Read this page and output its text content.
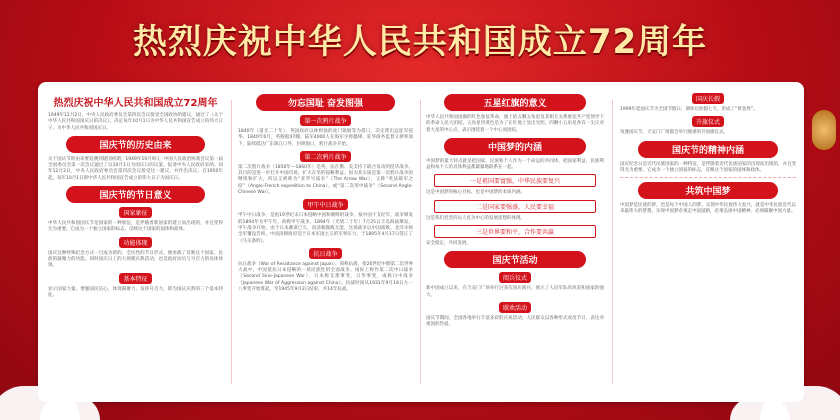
热烈庆祝中华人民共和国成立72周年
热烈庆祝中华人民共和国成立72周年

1949年12月2日，中央人民政府委员会第四次会议接受全国政协的建议，通过了《关于中华人民共和国国庆日的决议》，决定每年10月1日为中华人民共和国宣告成立的伟大日子，为中华人民共和国国庆日。

国庆节的历史由来

关于国庆节的由来要追溯到建国初期，1949年10月9日，中国人民政治协商会议第一届全国委员会第一次会议通过了以10月1日为国庆日的议案，报请中央人民政府采纳。同年12月2日，中央人民政府委员会第四次会议接受这一建议，并作出决议，自1950年起，每年10月1日即中华人民共和国宣告成立的伟大日子为国庆日。

国庆节的节日意义
国家象征

中华人民共和国国庆节是国家的一种象征，是伴随着新国家的建立而出现的，并且变得尤为重要。它成为一个独立国家的标志，反映这个国家的国体和政体。

功能体现

国庆这种特殊纪念方式一旦成为新的、全民性的节日形式，便承载了反映这个国家、民族的凝聚力的功能。同时国庆日上的大规模庆典活动，也是政府动员与号召力的具体体现。

基本特征

显示国家力量、增强国民信心，体现凝聚力，发挥号召力，即为国庆庆典的三个基本特征。

勿忘国耻 奋发图强
第一次鸦片战争

1840年（道光二十年），英国政府以林则徐的虎门销烟等为借口，决定派出远征军侵华。1840年6月，英舰船47艘、陆军4000人在海军少将懿律、驻华商务监督义律率领下，陆续抵达广东珠江口外，封锁海口，鸦片战争开始。

第二次鸦片战争

第二次鸦片战争（1856年—1860年）是英、法在俄、美支持下联合发动的侵华战争。其目的是进一步打开中国市场，扩大在华的侵略利益。因为其实质是第一次鸦片战争的继续和扩大，所以又被称为“亚罗号战争”（The Arrow War），又称“英法联军之役”（Anglo-French expedition to China），或“第二次英中战争”（Second Anglo-Chinese War）。

甲午中日战争

甲午中日战争，是指19世纪末日本侵略中国和朝鲜的战争。按中国干支纪年，战争爆发的1894年为甲午年，故称甲午战争。1894年（光绪二十年）7月25日丰岛海战爆发，甲午战争开始，由于日本蓄谋已久，而清朝腐败无能，这场战争以中国战败、北洋水师全军覆没告终。中国清朝政府迫于日本军国主义的军事压力，于1895年4月17日签订了《马关条约》。

抗日战争

抗日战争（War of Resistance against Japan），简称抗战，指20世纪中期第二次世界大战中，中国抵抗日本侵略的一场民族性的全面战争。国际上称作第二次中日战争（Second Sino-Japanese War），日本称支那事变、日华事变，或称日中战争（Japanese War of Aggression against China）。抗战时间从1931年9月18日九一八事变开始算起，至1945年9月2日结束，共14年抗战。

五星红旗的意义

中华人民共和国国旗的红色象征革命，旗上的五颗五角星及其相互关系象征共产党领导下的革命人民大团结。五角星用黄色是为了在红地上显出光明，四颗小五角星各有一尖正对着大星的中心点，表示围绕着一个中心而团结。

中国梦的内涵

中国梦的最大特点就是把国家、民族和个人作为一个命运的共同体，把国家利益、民族利益和每个人的具体利益都紧紧地联系在一起。

一是祖国要富强，中华民族要复兴

这是中国梦的核心目标，也是中国梦的本质内涵。

二是国家要强盛，人民要幸福

这是我们党坚持以人民为中心的发展思想的体现。

三是世界要和平，合作要共赢

安全稳定，共同发展。

国庆节活动
阅兵仪式

新中国成立以来，在天安门广场举行过多次国庆阅兵，展示了人民军队的风采和国家的强大。

联欢活动

国庆节期间，全国各地举行丰富多彩的庆祝活动，人民群众以各种形式欢度节日，表达对祖国的热爱。

国庆长假

1999年起国庆节为全国节假日，调休后放假七天，形成了“黄金周”。

升旗仪式

每逢国庆节，天安门广场都会举行隆重的升国旗仪式。

国庆节的精神内涵

国庆纪念日是近代民族国家的一种特征，是伴随着近代民族国家的出现而出现的，并且变得尤为重要。它成为一个独立国家的标志，反映这个国家的国体和政体。

共筑中国梦

中国梦是民族的梦，也是每个中国人的梦。实现中华民族伟大复兴，就是中华民族近代以来最伟大的梦想。实现中国梦必须走中国道路，必须弘扬中国精神，必须凝聚中国力量。
